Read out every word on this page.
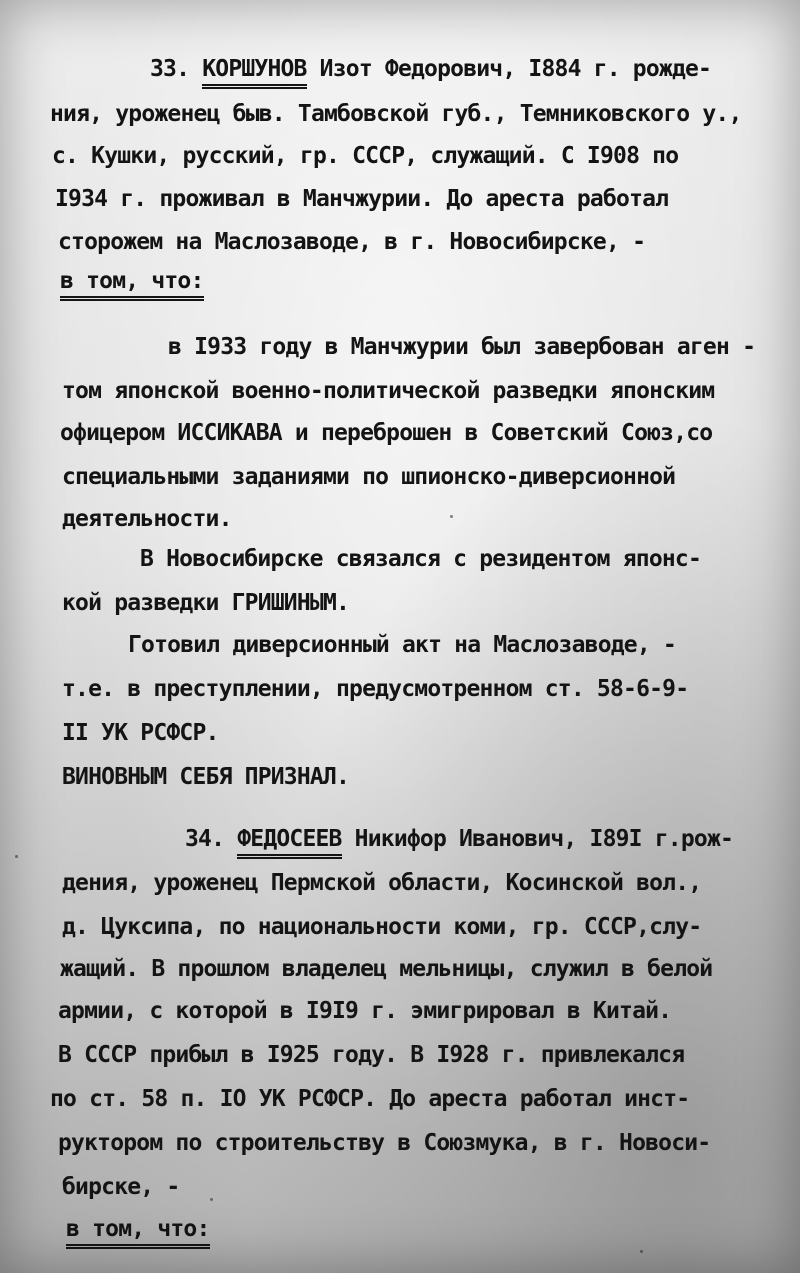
33. КОРШУНОВ Изот Федорович, I884 г. рожде-
ния, уроженец быв. Тамбовской губ., Темниковского у.,
с. Кушки, русский, гр. СССР, служащий. С I908 по
I934 г. проживал в Манчжурии. До ареста работал
сторожем на Маслозаводе, в г. Новосибирске, -
в том, что:
в I933 году в Манчжурии был завербован аген -
том японской военно-политической разведки японским
офицером ИССИКАВА и переброшен в Советский Союз,со
специальными заданиями по шпионско-диверсионной
деятельности.
В Новосибирске связался с резидентом японс-
кой разведки ГРИШИНЫМ.
Готовил диверсионный акт на Маслозаводе, -
т.е. в преступлении, предусмотренном ст. 58-6-9-
II УК РСФСР.
ВИНОВНЫМ СЕБЯ ПРИЗНАЛ.
34. ФЕДОСЕЕВ Никифор Иванович, I89I г.рож-
дения, уроженец Пермской области, Косинской вол.,
д. Цуксипа, по национальности коми, гр. СССР,слу-
жащий. В прошлом владелец мельницы, служил в белой
армии, с которой в I9I9 г. эмигрировал в Китай.
В СССР прибыл в I925 году. В I928 г. привлекался
по ст. 58 п. IO УК РСФСР. До ареста работал инст-
руктором по строительству в Союзмука, в г. Новоси-
бирске, -
в том, что:
